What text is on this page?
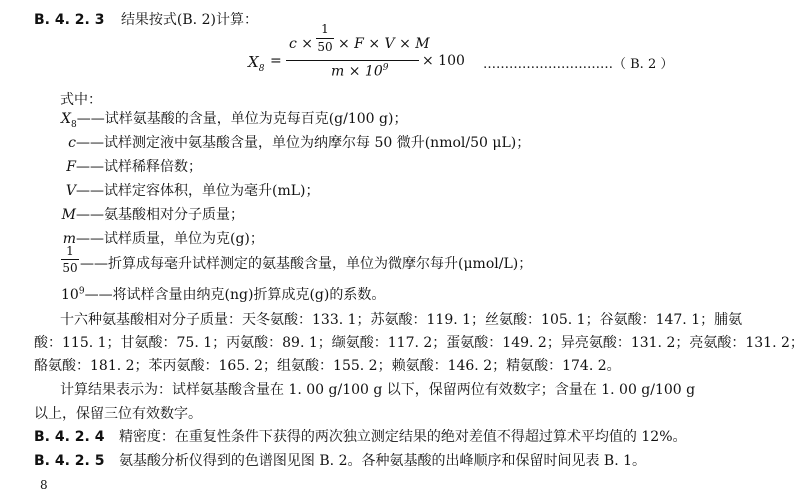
B. 4. 2. 3 结果按式(B. 2)计算：
$X_8$ =
c ×
1
50 × F × V × M
$m \times 10^9 \times 100$ …………………………（ B. 2 ）
式中：
$X_8——$试样氨基酸的含量，单位为克每百克(g/100 g)；
c——试样测定液中氨基酸含量，单位为纳摩尔每 50 微升(nmol/50 μL)；
F——试样稀释倍数；
V——试样定容体积，单位为毫升(mL)；
M——氨基酸相对分子质量；
m——试样质量，单位为克(g)；
1
50 ——折算成每毫升试样测定的氨基酸含量，单位为微摩尔每升(μmol/L)；
$10^9——$将试样含量由纳克(ng)折算成克(g)的系数。
十六种氨基酸相对分子质量：天冬氨酸：133. 1；苏氨酸：119. 1；丝氨酸：105. 1；谷氨酸：147. 1；脯氨
酸：115. 1；甘氨酸：75. 1；丙氨酸：89. 1；缬氨酸：117. 2；蛋氨酸：149. 2；异亮氨酸：131. 2；亮氨酸：131. 2；
酪氨酸：181. 2；苯丙氨酸：165. 2；组氨酸：155. 2；赖氨酸：146. 2；精氨酸：174. 2。
计算结果表示为：试样氨基酸含量在 1. 00 g/100 g 以下，保留两位有效数字；含量在 1. 00 g/100 g
以上，保留三位有效数字。
B. 4. 2. 4 精密度：在重复性条件下获得的两次独立测定结果的绝对差值不得超过算术平均值的 12%。
B. 4. 2. 5 氨基酸分析仪得到的色谱图见图 B. 2。各种氨基酸的出峰顺序和保留时间见表 B. 1。
8
